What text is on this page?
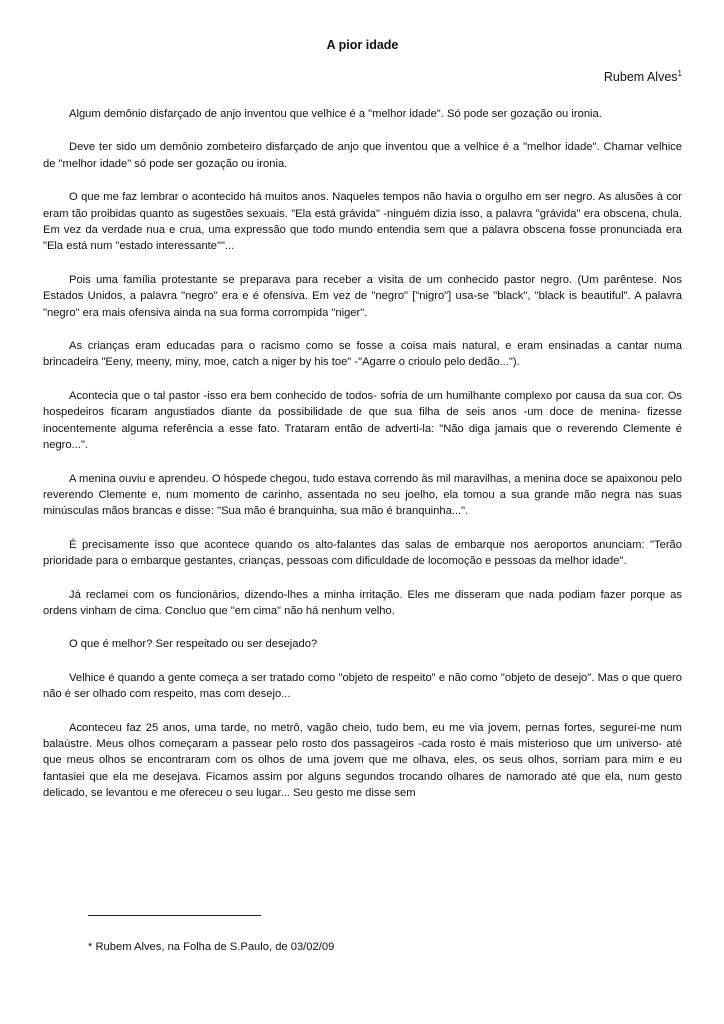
A pior idade
Rubem Alves$^1$

Algum demônio disfarçado de anjo inventou que velhice é a "melhor idade". Só pode ser gozação ou ironia.

Deve ter sido um demônio zombeteiro disfarçado de anjo que inventou que a velhice é a "melhor idade". Chamar velhice de "melhor idade" só pode ser gozação ou ironia.

O que me faz lembrar o acontecido há muitos anos. Naqueles tempos não havia o orgulho em ser negro. As alusões à cor eram tão proibidas quanto as sugestões sexuais. "Ela está grávida" -ninguém dizia isso, a palavra "grávida" era obscena, chula. Em vez da verdade nua e crua, uma expressão que todo mundo entendia sem que a palavra obscena fosse pronunciada era "Ela está num "estado interessante""...

Pois uma família protestante se preparava para receber a visita de um conhecido pastor negro. (Um parêntese. Nos Estados Unidos, a palavra "negro" era e é ofensiva. Em vez de "negro" ["nigro"] usa-se "black", "black is beautiful". A palavra "negro" era mais ofensiva ainda na sua forma corrompida "niger".

As crianças eram educadas para o racismo como se fosse a coisa mais natural, e eram ensinadas a cantar numa brincadeira "Eeny, meeny, miny, moe, catch a niger by his toe" -"Agarre o crioulo pelo dedão...").

Acontecia que o tal pastor -isso era bem conhecido de todos- sofria de um humilhante complexo por causa da sua cor. Os hospedeiros ficaram angustiados diante da possibilidade de que sua filha de seis anos -um doce de menina- fizesse inocentemente alguma referência a esse fato. Trataram então de adverti-la: "Não diga jamais que o reverendo Clemente é negro...".

A menina ouviu e aprendeu. O hóspede chegou, tudo estava correndo às mil maravilhas, a menina doce se apaixonou pelo reverendo Clemente e, num momento de carinho, assentada no seu joelho, ela tomou a sua grande mão negra nas suas minúsculas mãos brancas e disse: "Sua mão é branquinha, sua mão é branquinha...".

É precisamente isso que acontece quando os alto-falantes das salas de embarque nos aeroportos anunciam: "Terão prioridade para o embarque gestantes, crianças, pessoas com dificuldade de locomoção e pessoas da melhor idade".

Já reclamei com os funcionários, dizendo-lhes a minha irritação. Eles me disseram que nada podiam fazer porque as ordens vinham de cima. Concluo que "em cima" não há nenhum velho.

O que é melhor? Ser respeitado ou ser desejado?

Velhice é quando a gente começa a ser tratado como "objeto de respeito" e não como "objeto de desejo". Mas o que quero não é ser olhado com respeito, mas com desejo...

Aconteceu faz 25 anos, uma tarde, no metrô, vagão cheio, tudo bem, eu me via jovem, pernas fortes, segurei-me num balaústre. Meus olhos começaram a passear pelo rosto dos passageiros -cada rosto é mais misterioso que um universo- até que meus olhos se encontraram com os olhos de uma jovem que me olhava, eles, os seus olhos, sorriam para mim e eu fantasiei que ela me desejava. Ficamos assim por alguns segundos trocando olhares de namorado até que ela, num gesto delicado, se levantou e me ofereceu o seu lugar... Seu gesto me disse sem

* Rubem Alves, na Folha de S.Paulo, de 03/02/09
